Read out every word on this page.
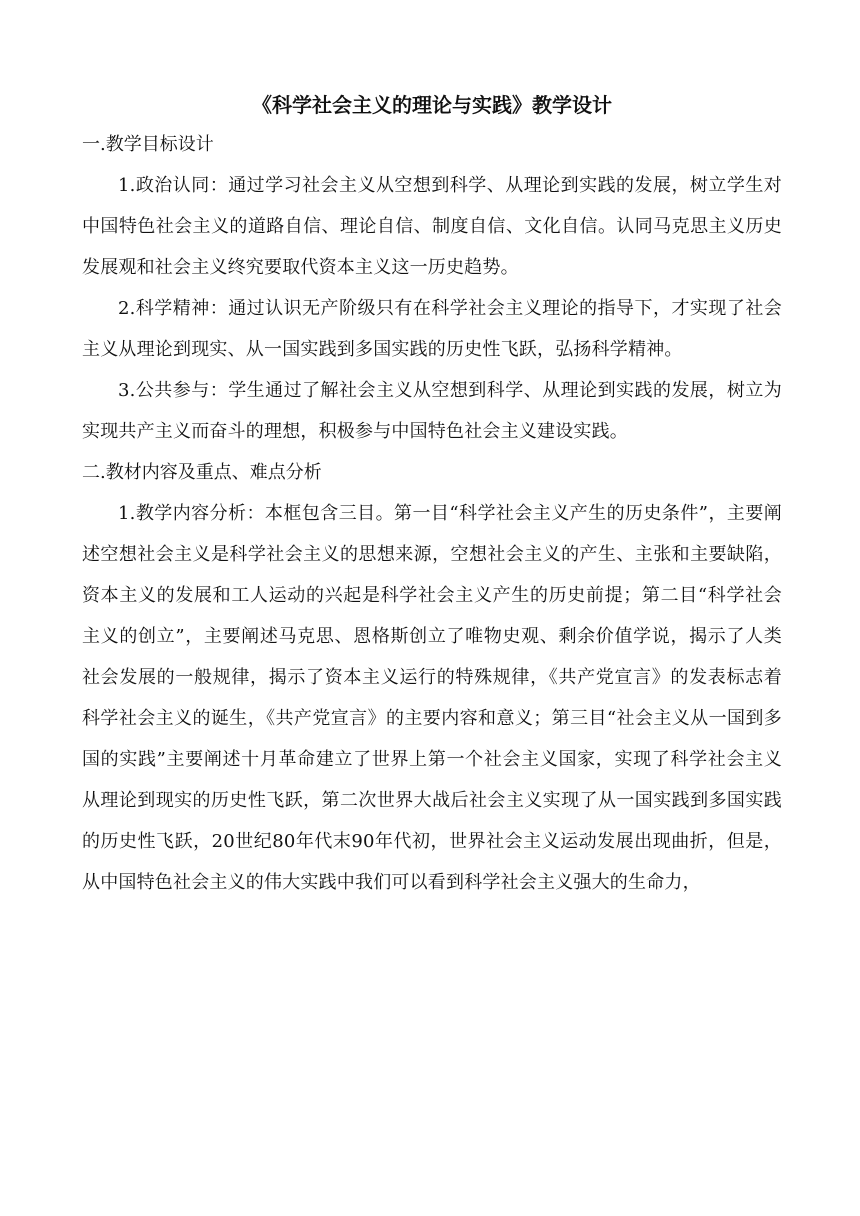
《科学社会主义的理论与实践》教学设计

一.教学目标设计

1.政治认同：通过学习社会主义从空想到科学、从理论到实践的发展，树立学生对中国特色社会主义的道路自信、理论自信、制度自信、文化自信。认同马克思主义历史发展观和社会主义终究要取代资本主义这一历史趋势。

2.科学精神：通过认识无产阶级只有在科学社会主义理论的指导下，才实现了社会主义从理论到现实、从一国实践到多国实践的历史性飞跃，弘扬科学精神。

3.公共参与：学生通过了解社会主义从空想到科学、从理论到实践的发展，树立为实现共产主义而奋斗的理想，积极参与中国特色社会主义建设实践。

二.教材内容及重点、难点分析

1.教学内容分析：本框包含三目。第一目“科学社会主义产生的历史条件”，主要阐述空想社会主义是科学社会主义的思想来源，空想社会主义的产生、主张和主要缺陷，资本主义的发展和工人运动的兴起是科学社会主义产生的历史前提；第二目“科学社会主义的创立”，主要阐述马克思、恩格斯创立了唯物史观、剩余价值学说，揭示了人类社会发展的一般规律，揭示了资本主义运行的特殊规律，《共产党宣言》的发表标志着科学社会主义的诞生，《共产党宣言》的主要内容和意义；第三目“社会主义从一国到多国的实践”主要阐述十月革命建立了世界上第一个社会主义国家，实现了科学社会主义从理论到现实的历史性飞跃，第二次世界大战后社会主义实现了从一国实践到多国实践的历史性飞跃，20世纪80年代末90年代初，世界社会主义运动发展出现曲折，但是，从中国特色社会主义的伟大实践中我们可以看到科学社会主义强大的生命力，
